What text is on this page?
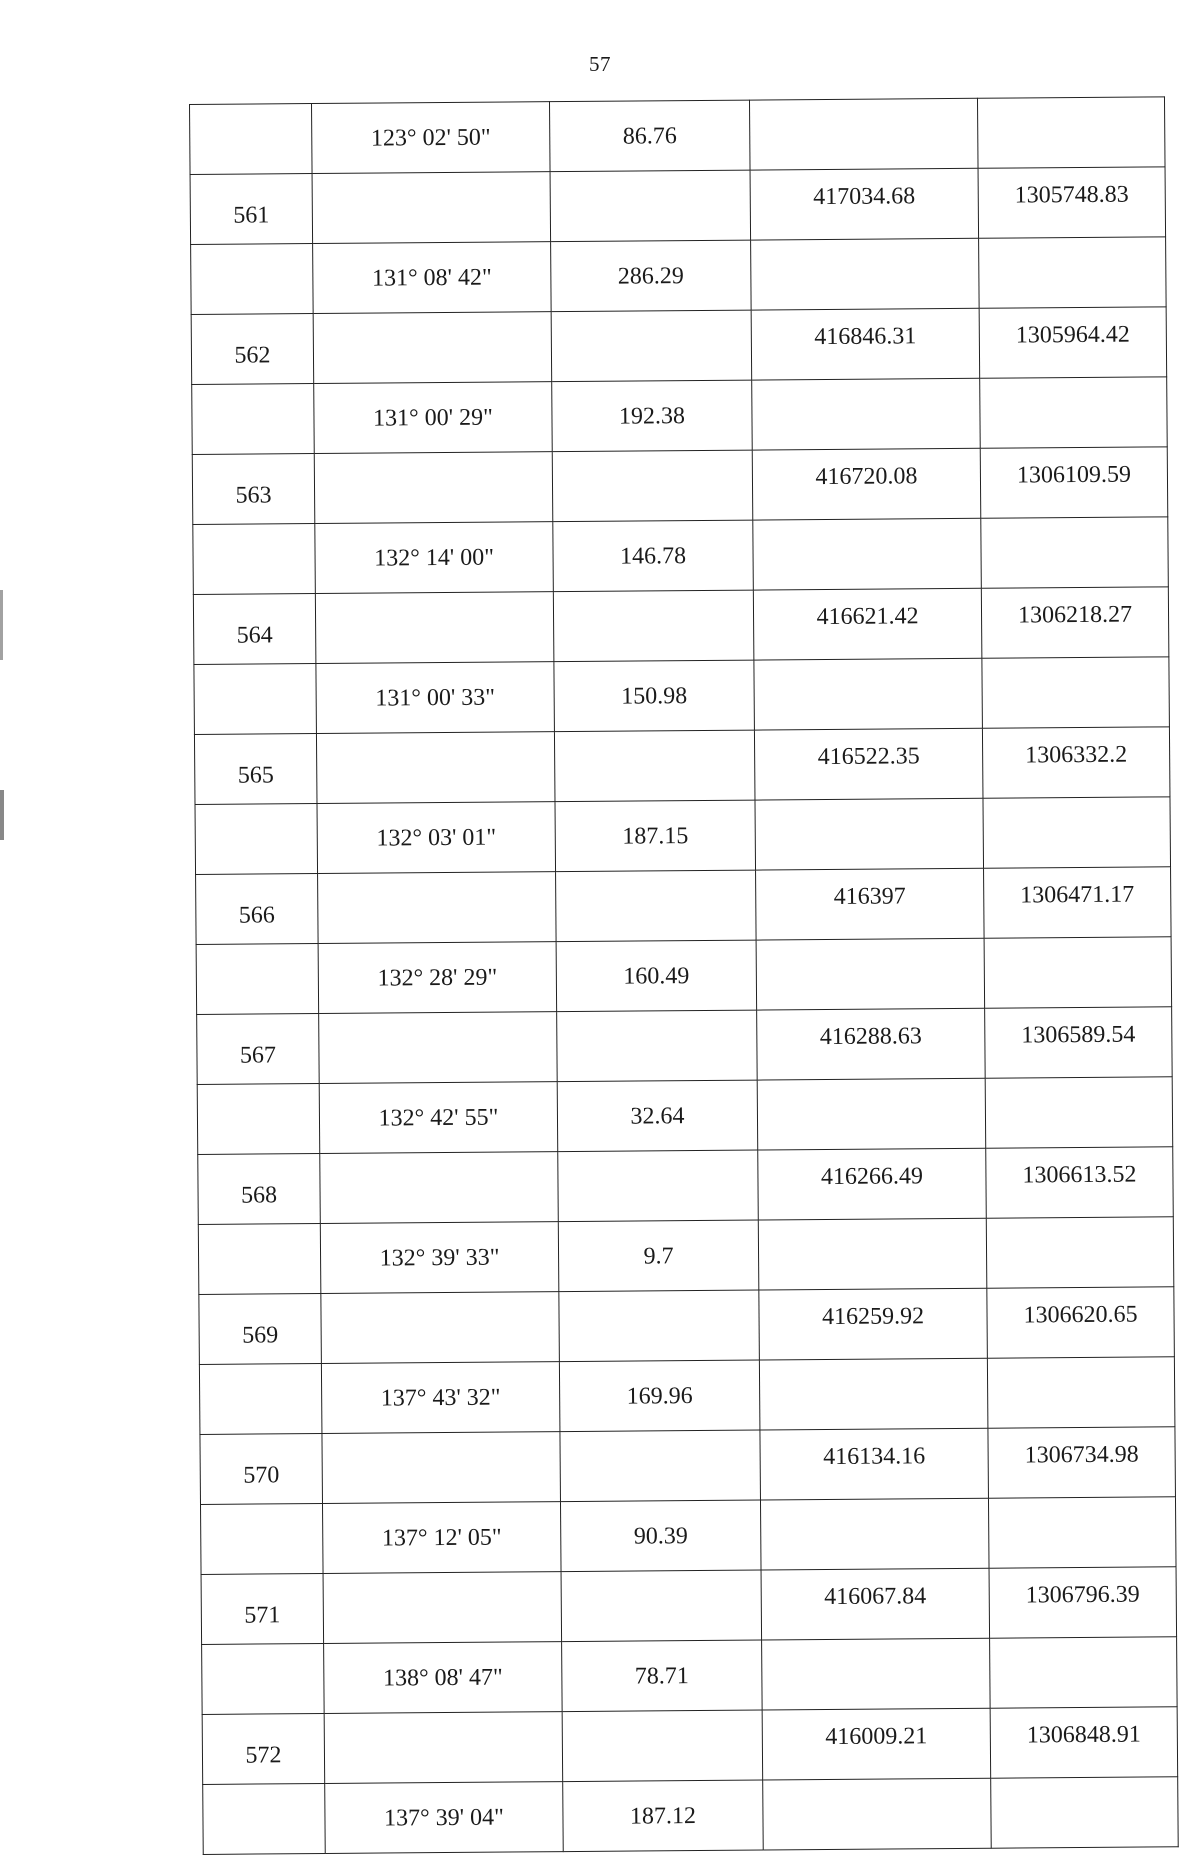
57
	123° 02' 50"	86.76		
561			417034.68	1305748.83
	131° 08' 42"	286.29		
562			416846.31	1305964.42
	131° 00' 29"	192.38		
563			416720.08	1306109.59
	132° 14' 00"	146.78		
564			416621.42	1306218.27
	131° 00' 33"	150.98		
565			416522.35	1306332.2
	132° 03' 01"	187.15		
566			416397	1306471.17
	132° 28' 29"	160.49		
567			416288.63	1306589.54
	132° 42' 55"	32.64		
568			416266.49	1306613.52
	132° 39' 33"	9.7		
569			416259.92	1306620.65
	137° 43' 32"	169.96		
570			416134.16	1306734.98
	137° 12' 05"	90.39		
571			416067.84	1306796.39
	138° 08' 47"	78.71		
572			416009.21	1306848.91
	137° 39' 04"	187.12		
